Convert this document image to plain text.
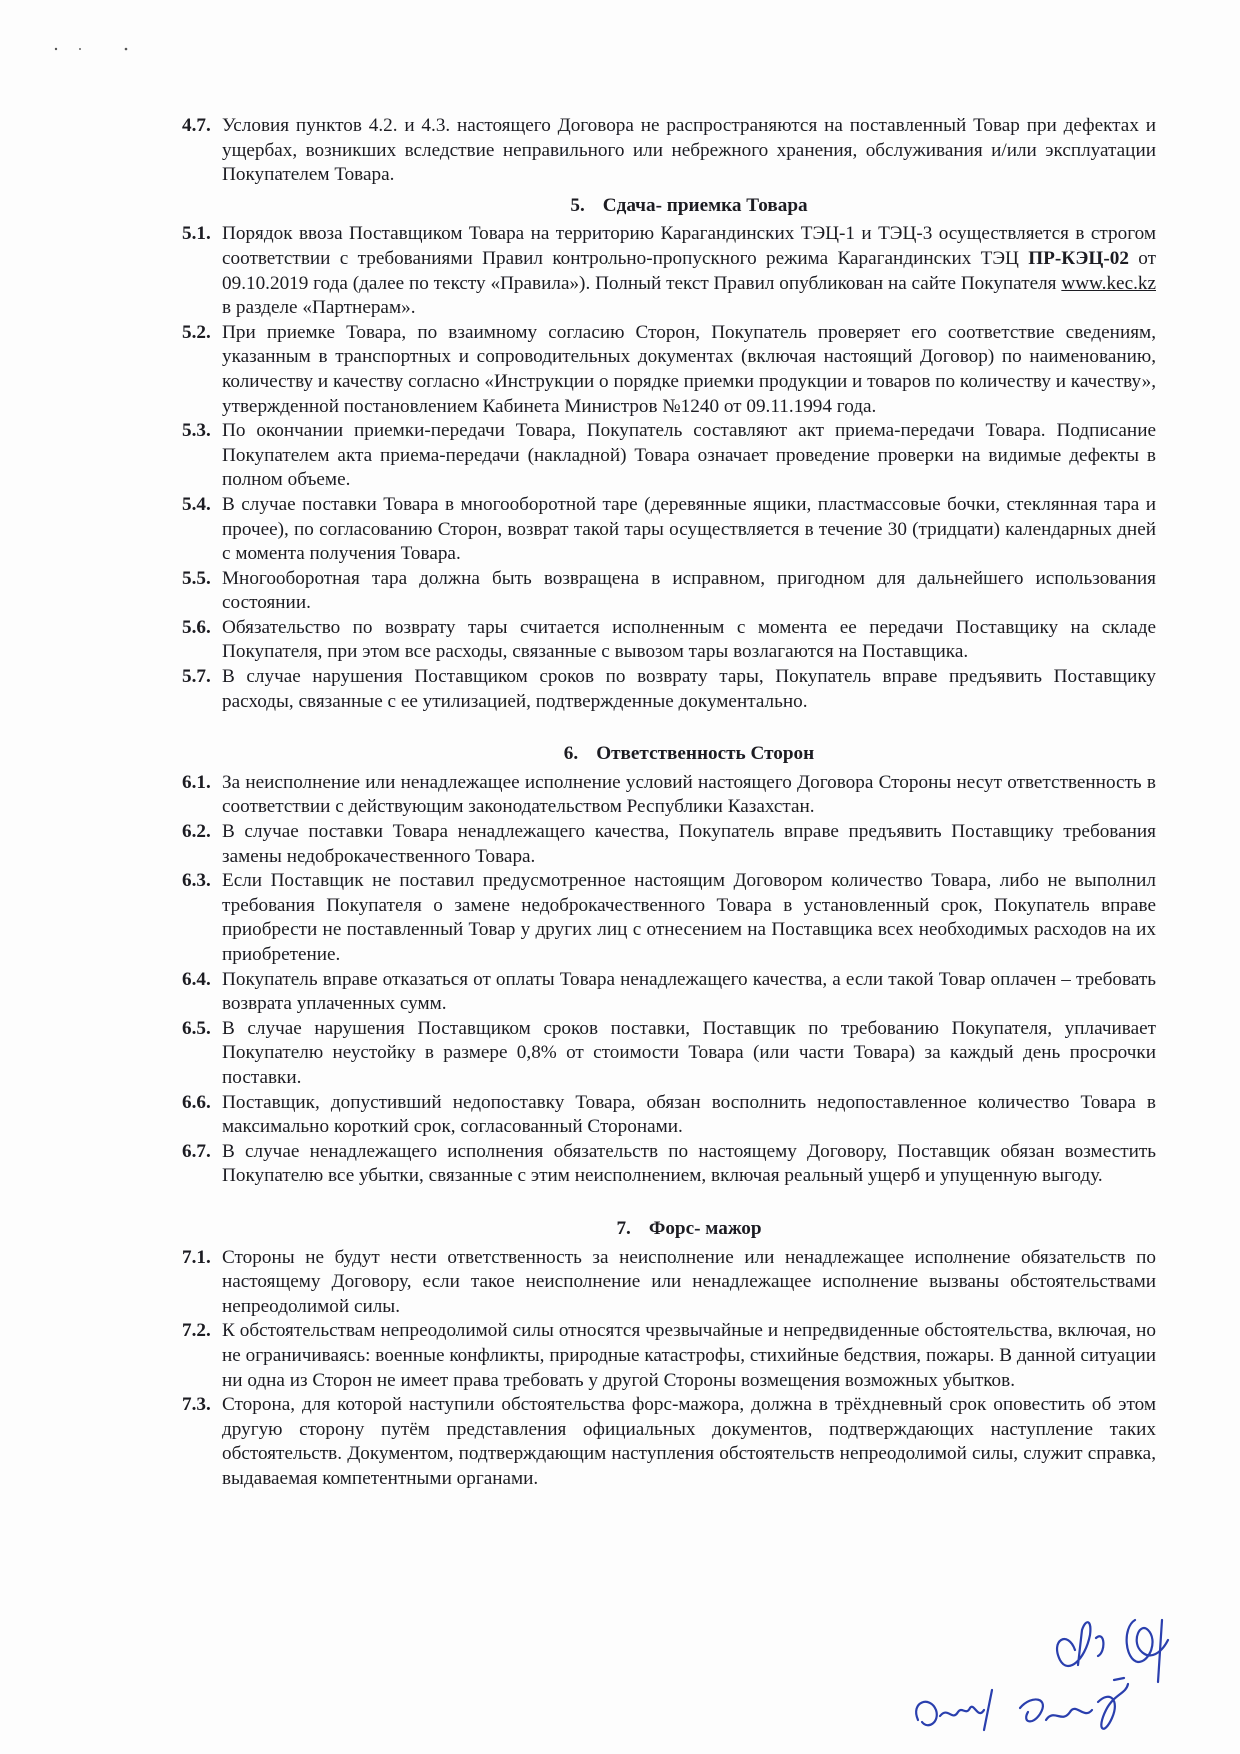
4.7. Условия пунктов 4.2. и 4.3. настоящего Договора не распространяются на поставленный Товар при дефектах и ущербах, возникших вследствие неправильного или небрежного хранения, обслуживания и/или эксплуатации Покупателем Товара.
5. Сдача- приемка Товара
5.1. Порядок ввоза Поставщиком Товара на территорию Карагандинских ТЭЦ-1 и ТЭЦ-3 осуществляется в строгом соответствии с требованиями Правил контрольно-пропускного режима Карагандинских ТЭЦ ПР-КЭЦ-02 от 09.10.2019 года (далее по тексту «Правила»). Полный текст Правил опубликован на сайте Покупателя www.kec.kz в разделе «Партнерам».
5.2. При приемке Товара, по взаимному согласию Сторон, Покупатель проверяет его соответствие сведениям, указанным в транспортных и сопроводительных документах (включая настоящий Договор) по наименованию, количеству и качеству согласно «Инструкции о порядке приемки продукции и товаров по количеству и качеству», утвержденной постановлением Кабинета Министров №1240 от 09.11.1994 года.
5.3. По окончании приемки-передачи Товара, Покупатель составляют акт приема-передачи Товара. Подписание Покупателем акта приема-передачи (накладной) Товара означает проведение проверки на видимые дефекты в полном объеме.
5.4. В случае поставки Товара в многооборотной таре (деревянные ящики, пластмассовые бочки, стеклянная тара и прочее), по согласованию Сторон, возврат такой тары осуществляется в течение 30 (тридцати) календарных дней с момента получения Товара.
5.5. Многооборотная тара должна быть возвращена в исправном, пригодном для дальнейшего использования состоянии.
5.6. Обязательство по возврату тары считается исполненным с момента ее передачи Поставщику на складе Покупателя, при этом все расходы, связанные с вывозом тары возлагаются на Поставщика.
5.7. В случае нарушения Поставщиком сроков по возврату тары, Покупатель вправе предъявить Поставщику расходы, связанные с ее утилизацией, подтвержденные документально.
6. Ответственность Сторон
6.1. За неисполнение или ненадлежащее исполнение условий настоящего Договора Стороны несут ответственность в соответствии с действующим законодательством Республики Казахстан.
6.2. В случае поставки Товара ненадлежащего качества, Покупатель вправе предъявить Поставщику требования замены недоброкачественного Товара.
6.3. Если Поставщик не поставил предусмотренное настоящим Договором количество Товара, либо не выполнил требования Покупателя о замене недоброкачественного Товара в установленный срок, Покупатель вправе приобрести не поставленный Товар у других лиц с отнесением на Поставщика всех необходимых расходов на их приобретение.
6.4. Покупатель вправе отказаться от оплаты Товара ненадлежащего качества, а если такой Товар оплачен – требовать возврата уплаченных сумм.
6.5. В случае нарушения Поставщиком сроков поставки, Поставщик по требованию Покупателя, уплачивает Покупателю неустойку в размере 0,8% от стоимости Товара (или части Товара) за каждый день просрочки поставки.
6.6. Поставщик, допустивший недопоставку Товара, обязан восполнить недопоставленное количество Товара в максимально короткий срок, согласованный Сторонами.
6.7. В случае ненадлежащего исполнения обязательств по настоящему Договору, Поставщик обязан возместить Покупателю все убытки, связанные с этим неисполнением, включая реальный ущерб и упущенную выгоду.
7. Форс- мажор
7.1. Стороны не будут нести ответственность за неисполнение или ненадлежащее исполнение обязательств по настоящему Договору, если такое неисполнение или ненадлежащее исполнение вызваны обстоятельствами непреодолимой силы.
7.2. К обстоятельствам непреодолимой силы относятся чрезвычайные и непредвиденные обстоятельства, включая, но не ограничиваясь: военные конфликты, природные катастрофы, стихийные бедствия, пожары. В данной ситуации ни одна из Сторон не имеет права требовать у другой Стороны возмещения возможных убытков.
7.3. Сторона, для которой наступили обстоятельства форс-мажора, должна в трёхдневный срок оповестить об этом другую сторону путём представления официальных документов, подтверждающих наступление таких обстоятельств. Документом, подтверждающим наступления обстоятельств непреодолимой силы, служит справка, выдаваемая компетентными органами.
